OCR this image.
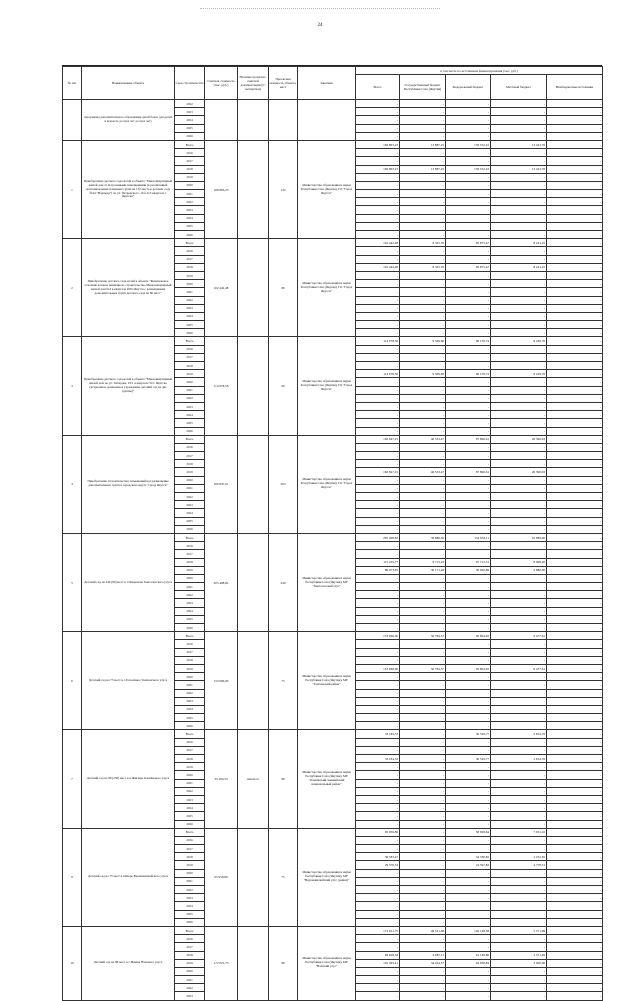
24
№ п/п	Наименование объекта	Срок строительства	Сметная стоимость (тыс. руб.)	Наличие проектно-сметной документации (Г/экспертиза)	Проектная мощность объекта, мест	Заказчик	в том числе по источникам финансирования (тыс. руб.)				
							Всего	Государственный бюджет Республики Саха (Якутия)	Федеральный бюджет	Местный бюджет	Внебюджетные источники
	программы дополнительного образования детей более для детей в возрасте до трех лет до трех лет)	2022					-	-	-	-	-
		2023					-	-	-	-	-
		2024					-	-	-	-	-
		2025					-	-	-	-	-
		2026					-	-	-	-	-
1	Приобретение детского сада-яслей в объекте "Многоквартирный жилой дом со встроенными помещениями (в реализацией дополнительных плановых групп на 132 места в детском саду №24 "Надежда") по ул. Петровского, 16 в 213 квартале г. Якутска"	Всего	166 863,23		132	Министерство образования и науки Республики Саха (Якутия), ГО "Город Якутск"	166 863,23	13 887,25	139 552,22	13 423,76	-
		2016					-	-	-	-	-
		2017					-	-	-	-	-
		2018					166 863,23	13 887,25	139 552,22	13 423,76	-
		2019					-	-	-	-	-
		2020					-	-	-	-	-
		2021					-	-	-	-	-
		2022					-	-	-	-	-
		2023					-	-	-	-	-
		2024					-	-	-	-	-
		2025					-	-	-	-	-
		2026					-	-	-	-	-
2	Приобретение детского сада-яслей в объекте "Комплексное освоение и новое жилищного строительства. Многоквартирный жилой дом №3 в квартале 208 г.Якутск с размещением дополнительных групп детского сада на 80 мест"	Всего	102 442,48		80	Министерство образования и науки Республики Саха (Якутия), ГО "Город Якутск"	102 442,48	8 325,76	85 875,47	8 241,25	-
		2016					-	-	-	-	-
		2017					-	-	-	-	-
		2018					102 442,48	8 325,76	85 875,47	8 241,25	-
		2019					-	-	-	-	-
		2020					-	-	-	-	-
		2021					-	-	-	-	-
		2022					-	-	-	-	-
		2023					-	-	-	-	-
		2024					-	-	-	-	-
		2025					-	-	-	-	-
		2026					-	-	-	-	-
3	Приобретение детского сада-яслей в объекте "Многоквартирный жилой дом по ул. Хабарова, 25/1 в квартале 54 г. Якутска (встроенное дошкольное учреждение детский сад на два группы)"	Всего	114 978,56		90	Министерство образования и науки Республики Саха (Якутия), ГО "Город Якутск"	114 978,56	9 569,66	96 159,74	9 249,76	-
		2016					-	-	-	-	-
		2017					-	-	-	-	-
		2018					-	-	-	-	-
		2019					114 978,56	9 569,66	96 159,74	9 249,76	-
		2020					-	-	-	-	-
		2021					-	-	-	-	-
		2022					-	-	-	-	-
		2023					-	-	-	-	-
		2024					-	-	-	-	-
		2025					-	-	-	-	-
		2026					-	-	-	-	-
4	Приобретение (строительство) помещений под размещение дополнительных групп в городском округе "город Якутск"	Всего	160 847,01		203	Министерство образования и науки Республики Саха (Якутия), ГО "Город Якутск"	160 847,01	46 553,47	87 896,61	26 396,93	-
		2016					-	-	-	-	-
		2017					-	-	-	-	-
		2018					-	-	-	-	-
		2019					160 847,01	46 553,47	87 896,61	26 396,93	-
		2020					-	-	-	-	-
		2021					-	-	-	-	-
		2022					-	-	-	-	-
		2023					-	-	-	-	-
		2024					-	-	-	-	-
		2025					-	-	-	-	-
		2026					-	-	-	-	-
5	Детский сад на 240 (80) мест в г.Покровске Хангаласского улуса	Всего	205 408,82		240	Министерство образования и науки Республики Саха (Якутия), МР "Хангаласский улус"	205 408,82	39 886,36	154 633,11	10 889,90	-
		2016					-	-	-	-	-
		2017					-	-	-	-	-
		2018					115 435,77	9 715,10	97 712,31	8 008,20	-
		2019					89 973,05	30 171,26	56 920,89	2 880,90	-
		2020					-	-	-	-	-
		2021					-	-	-	-	-
		2022					-	-	-	-	-
		2023					-	-	-	-	-
		2024					-	-	-	-	-
		2025					-	-	-	-	-
		2026					-	-	-	-	-
6	Детский сад на 75 мест в с.Тополиное Томпонского улуса	Всего	153 066,90		75	Министерство образования и науки Республики Саха (Якутия), МР "Томпонский район"	153 066,90	50 784,57	95 804,92	6 477,61	-
		2016					-	-	-	-	-
		2017					-	-	-	-	-
		2018					-	-	-	-	-
		2019					153 066,90	50 784,57	95 804,92	6 477,61	-
		2020					-	-	-	-	-
		2021					-	-	-	-	-
		2022					-	-	-	-	-
		2023					-	-	-	-	-
		2024					-	-	-	-	-
		2025					-	-	-	-	-
		2026					-	-	-	-	-
7	Детский сад на 98 (250) мест в п.Жиганы Оленёкского улуса	Всего	33 184,53	имеется	98	Министерство образования и науки Республики Саха (Якутия), МР "Оленёкский эвенкийский национальный район"	33 184,53	-	30 529,77	2 654,76	-
		2016					-	-	-	-	-
		2017					-	-	-	-	-
		2018					33 184,53	-	30 529,77	2 654,76	-
		2019					-	-	-	-	-
		2020					-	-	-	-	-
		2021					-	-	-	-	-
		2022					-	-	-	-	-
		2023					-	-	-	-	-
		2024					-	-	-	-	-
		2025					-	-	-	-	-
		2026					-	-	-	-	-
9	Детский сад на 75 мест в п.Кюре Верхневилюйского улуса	Всего	65 959,80		75	Министерство образования и науки Республики Саха (Якутия), МР "Верхневилюйский улус (район)"	65 959,80	-	58 928,64	7 031,16	-
		2016					-	-	-	-	-
		2017					-	-	-	-	-
		2018					36 583,47	-	34 330,82	2 252,65	-
		2019					29 376,33	-	24 597,82	4 778,51	-
		2020					-	-	-	-	-
		2021					-	-	-	-	-
		2022					-	-	-	-	-
		2023					-	-	-	-	-
		2024					-	-	-	-	-
		2025					-	-	-	-	-
		2026					-	-	-	-	-
10	Детский сад на 98 мест в с.Намцы Намского улуса	Всего	172 021,75		98	Министерство образования и науки Республики Саха (Якутия), МР "Намский улус"	172 021,75	49 521,08	126 128,58	5 371,09	-
		2016					-	-	-	-	-
		2017					-	-	-	-	-
		2018					69 628,34	6 087,11	61 169,80	2 371,49	-
		2019					102 393,41	34 434,57	64 958,84	3 000,00	-
		2020					-	-	-	-	-
		2021					-	-	-	-	-
		2022					-	-	-	-	-
		2023					-	-	-	-	-
